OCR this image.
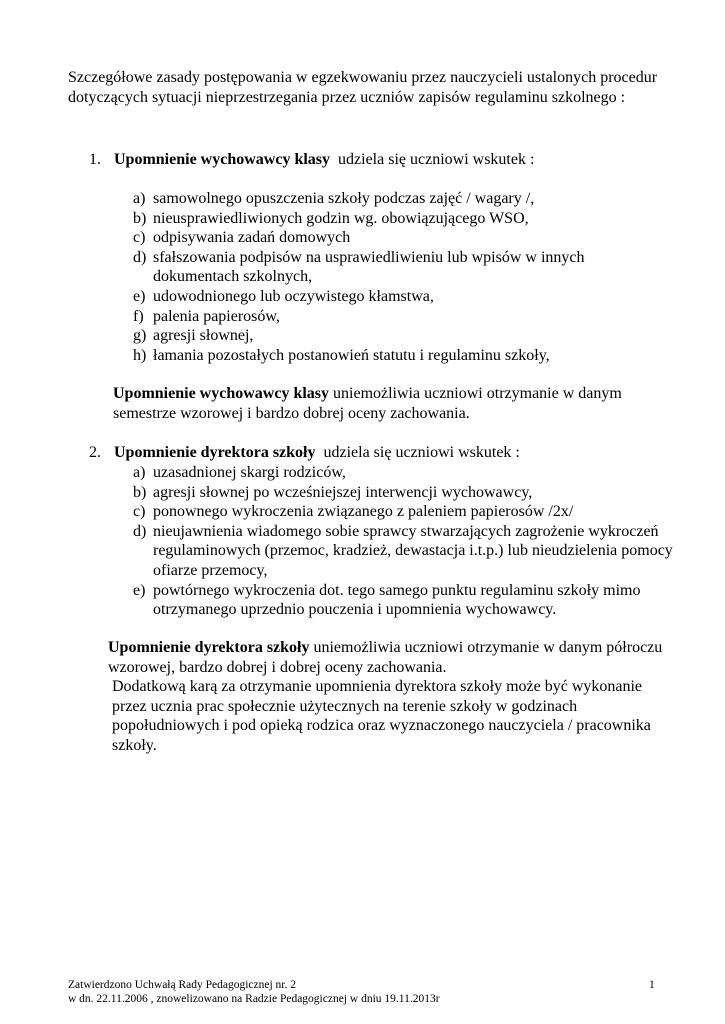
Szczegółowe zasady postępowania w egzekwowaniu przez nauczycieli ustalonych procedur dotyczących sytuacji nieprzestrzegania przez uczniów zapisów regulaminu szkolnego :

1. Upomnienie wychowawcy klasy  udziela się uczniowi wskutek :
a) samowolnego opuszczenia szkoły podczas zajęć / wagary /,
b) nieusprawiedliwionych godzin wg. obowiązującego WSO,
c) odpisywania zadań domowych
d) sfałszowania podpisów na usprawiedliwieniu lub wpisów w innych dokumentach szkolnych,
e) udowodnionego lub oczywistego kłamstwa,
f) palenia papierosów,
g) agresji słownej,
h) łamania pozostałych postanowień statutu i regulaminu szkoły,

Upomnienie wychowawcy klasy uniemożliwia uczniowi otrzymanie w danym semestrze wzorowej i bardzo dobrej oceny zachowania.

2. Upomnienie dyrektora szkoły  udziela się uczniowi wskutek :
a) uzasadnionej skargi rodziców,
b) agresji słownej po wcześniejszej interwencji wychowawcy,
c) ponownego wykroczenia związanego z paleniem papierosów /2x/
d) nieujawnienia wiadomego sobie sprawcy stwarzających zagrożenie wykroczeń regulaminowych (przemoc, kradzież, dewastacja i.t.p.) lub nieudzielenia pomocy ofiarze przemocy,
e) powtórnego wykroczenia dot. tego samego punktu regulaminu szkoły mimo otrzymanego uprzednio pouczenia i upomnienia wychowawcy.

Upomnienie dyrektora szkoły uniemożliwia uczniowi otrzymanie w danym półroczu wzorowej, bardzo dobrej i dobrej oceny zachowania.

Dodatkową karą za otrzymanie upomnienia dyrektora szkoły może być wykonanie przez ucznia prac społecznie użytecznych na terenie szkoły w godzinach popołudniowych i pod opieką rodzica oraz wyznaczonego nauczyciela / pracownika szkoły.

Zatwierdzono Uchwałą Rady Pedagogicznej nr. 2
w dn. 22.11.2006 , znowelizowano na Radzie Pedagogicznej w dniu 19.11.2013r
1
